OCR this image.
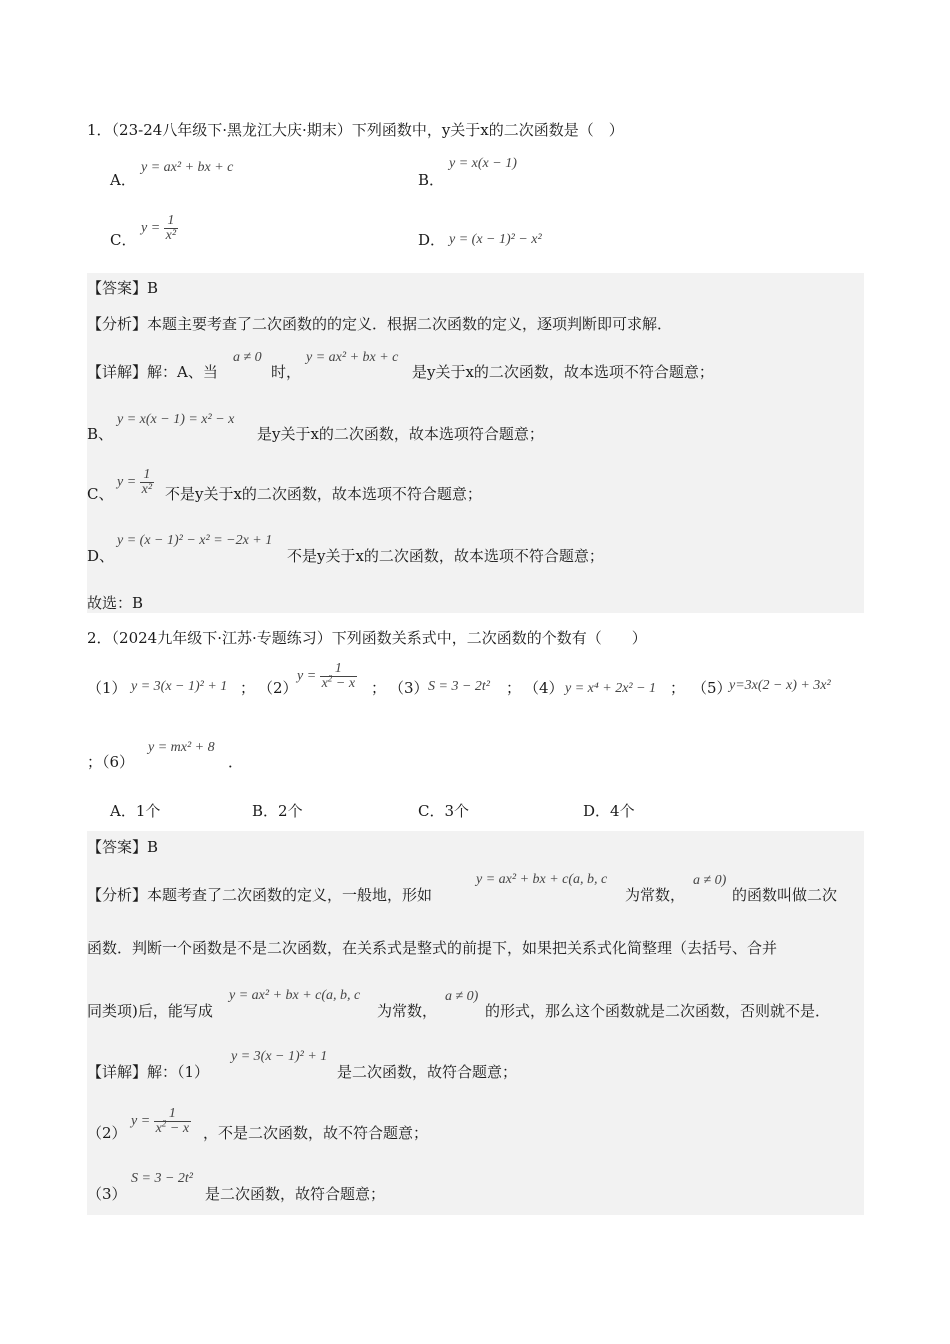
1．（23-24八年级下·黑龙江大庆·期末）下列函数中，y关于x的二次函数是（　）
A．
y = ax² + bx + c
B．
y = x(x − 1)
C．
$y = \frac{1}{\text{x²}}$	D． y = (x − 1)² − x²
【答案】B
【分析】本题主要考查了二次函数的的定义．根据二次函数的定义，逐项判断即可求解．
【详解】解：A、当
a ≠ 0
时，
y = ax² + bx + c
是y关于x的二次函数，故本选项不符合题意；
B、
y = x(x − 1) = x² − x
是y关于x的二次函数，故本选项符合题意；
C、
$y = \frac{1}{\text{x²}}$ 不是y关于x的二次函数，故本选项不符合题意；
D、
y = (x − 1)² − x² = −2x + 1
不是y关于x的二次函数，故本选项不符合题意；
故选：B
2．（2024九年级下·江苏·专题练习）下列函数关系式中，二次函数的个数有（　　）
（1） y = 3(x − 1)² + 1 ； （2）
$y = \frac{1}{x^2 - x}$ ； （3） S = 3 − 2t² ； （4） y = x⁴ + 2x² − 1 ； （5）
y=3x(2 − x) + 3x²
；（6）
y = mx² + 8
．
A．1个	B．2个	C．3个	D．4个
【答案】B
【分析】本题考查了二次函数的定义，一般地，形如
y = ax² + bx + c(a, b, c
为常数，
a ≠ 0)
的函数叫做二次
函数．判断一个函数是不是二次函数，在关系式是整式的前提下，如果把关系式化简整理（去括号、合并
同类项)后，能写成
y = ax² + bx + c(a, b, c
为常数，
a ≠ 0)
的形式，那么这个函数就是二次函数，否则就不是．
【详解】解：（1）
y = 3(x − 1)² + 1
是二次函数，故符合题意；
（2）
$y = \frac{1}{x^2 - x}$ ，不是二次函数，故不符合题意；
（3）
S = 3 − 2t²
是二次函数，故符合题意；
